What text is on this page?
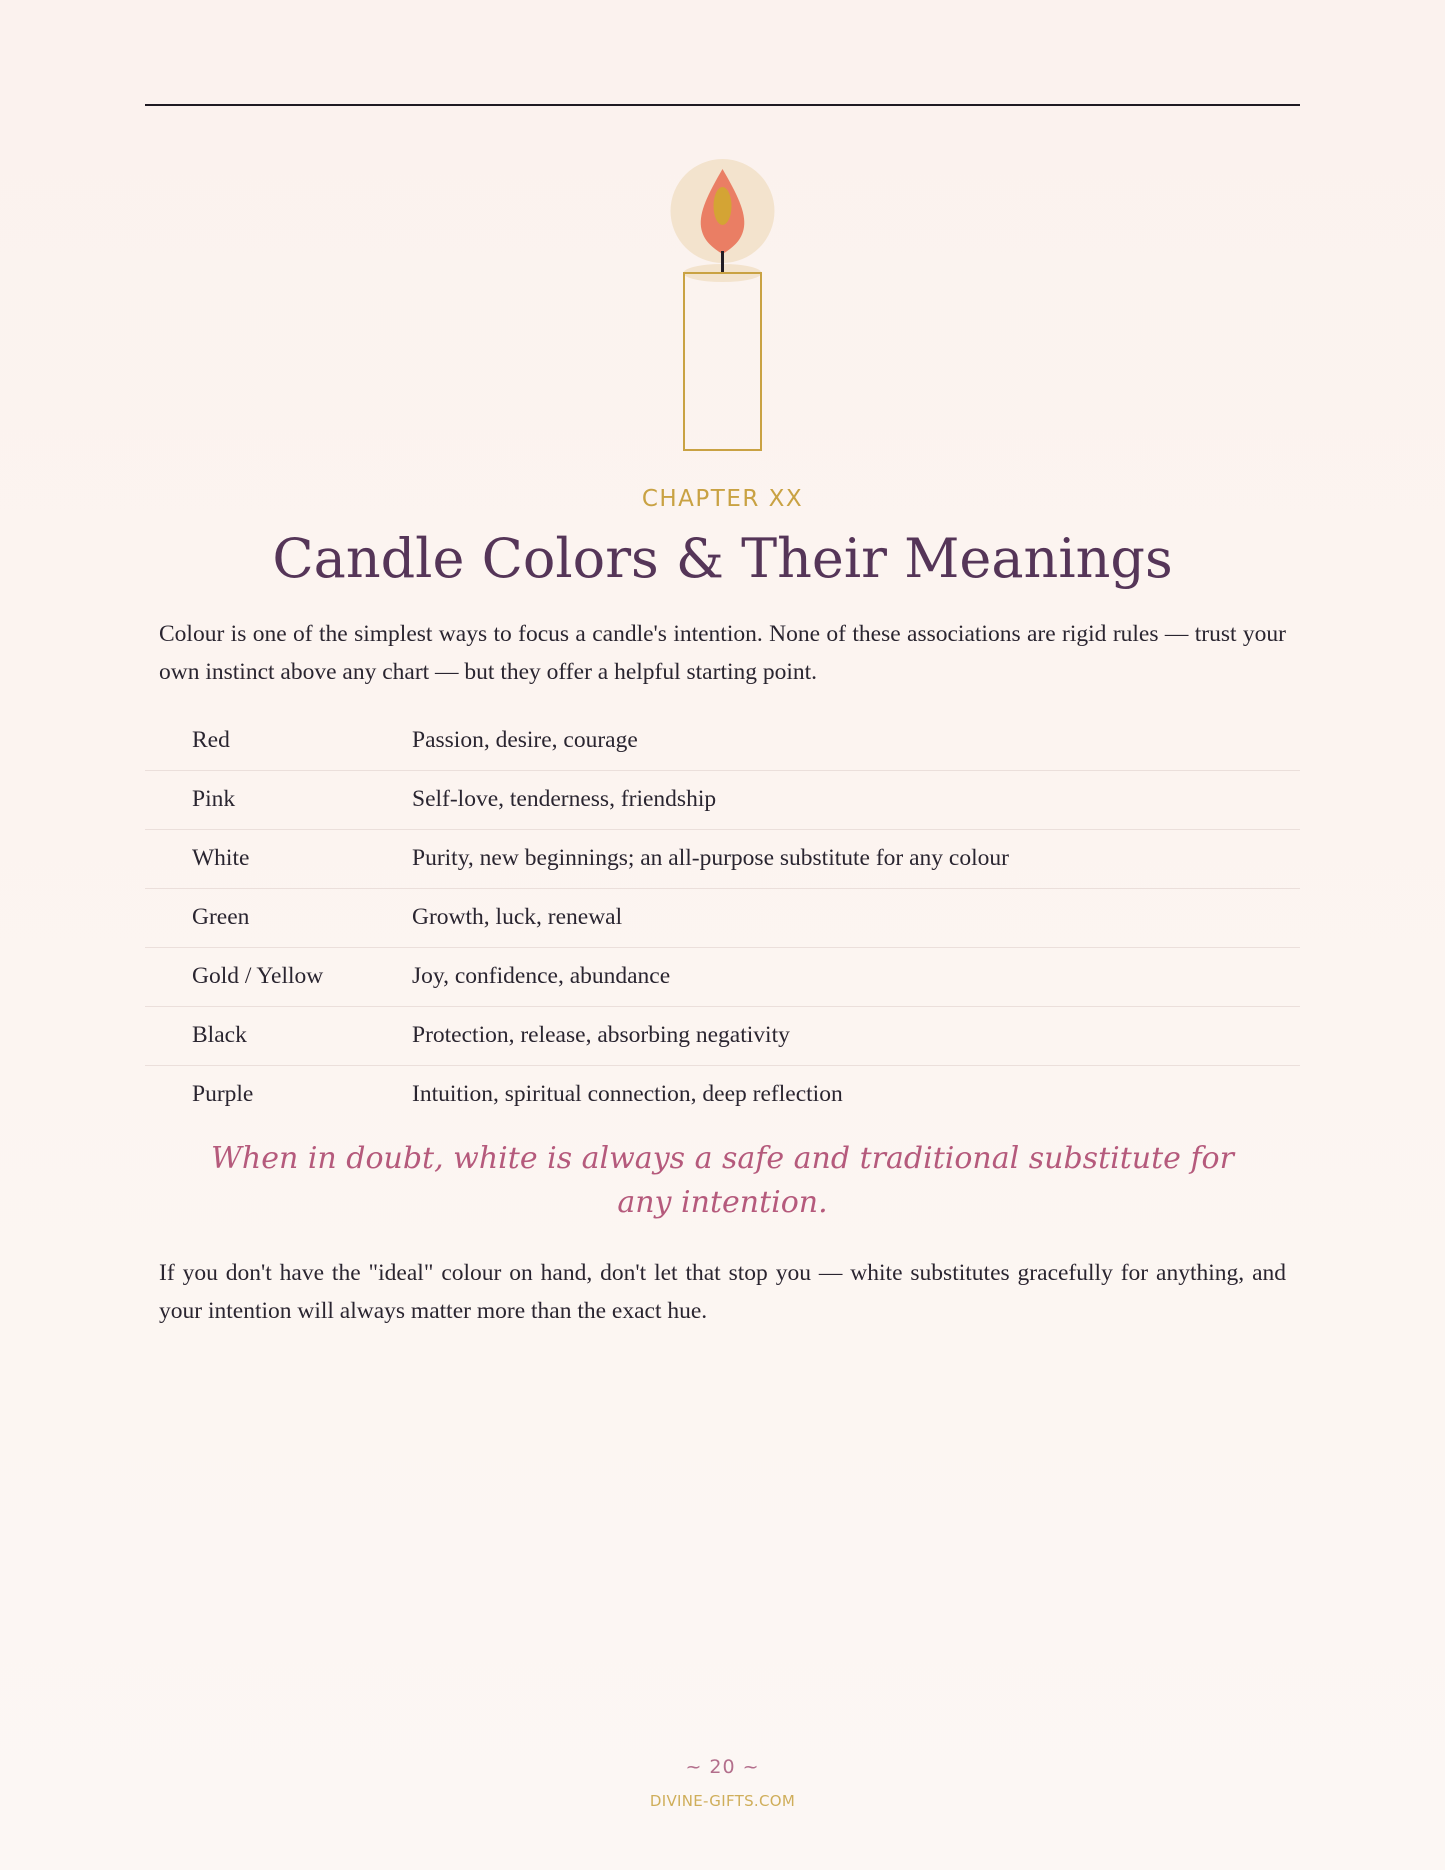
CHAPTER XX
Candle Colors & Their Meanings

Colour is one of the simplest ways to focus a candle's intention. None of these associations are rigid rules — trust your own instinct above any chart — but they offer a helpful starting point.

Red	Passion, desire, courage
Pink	Self-love, tenderness, friendship
White	Purity, new beginnings; an all-purpose substitute for any colour
Green	Growth, luck, renewal
Gold / Yellow	Joy, confidence, abundance
Black	Protection, release, absorbing negativity
Purple	Intuition, spiritual connection, deep reflection

When in doubt, white is always a safe and traditional substitute for any intention.

If you don't have the "ideal" colour on hand, don't let that stop you — white substitutes gracefully for anything, and your intention will always matter more than the exact hue.

~ 20 ~
DIVINE-GIFTS.COM
